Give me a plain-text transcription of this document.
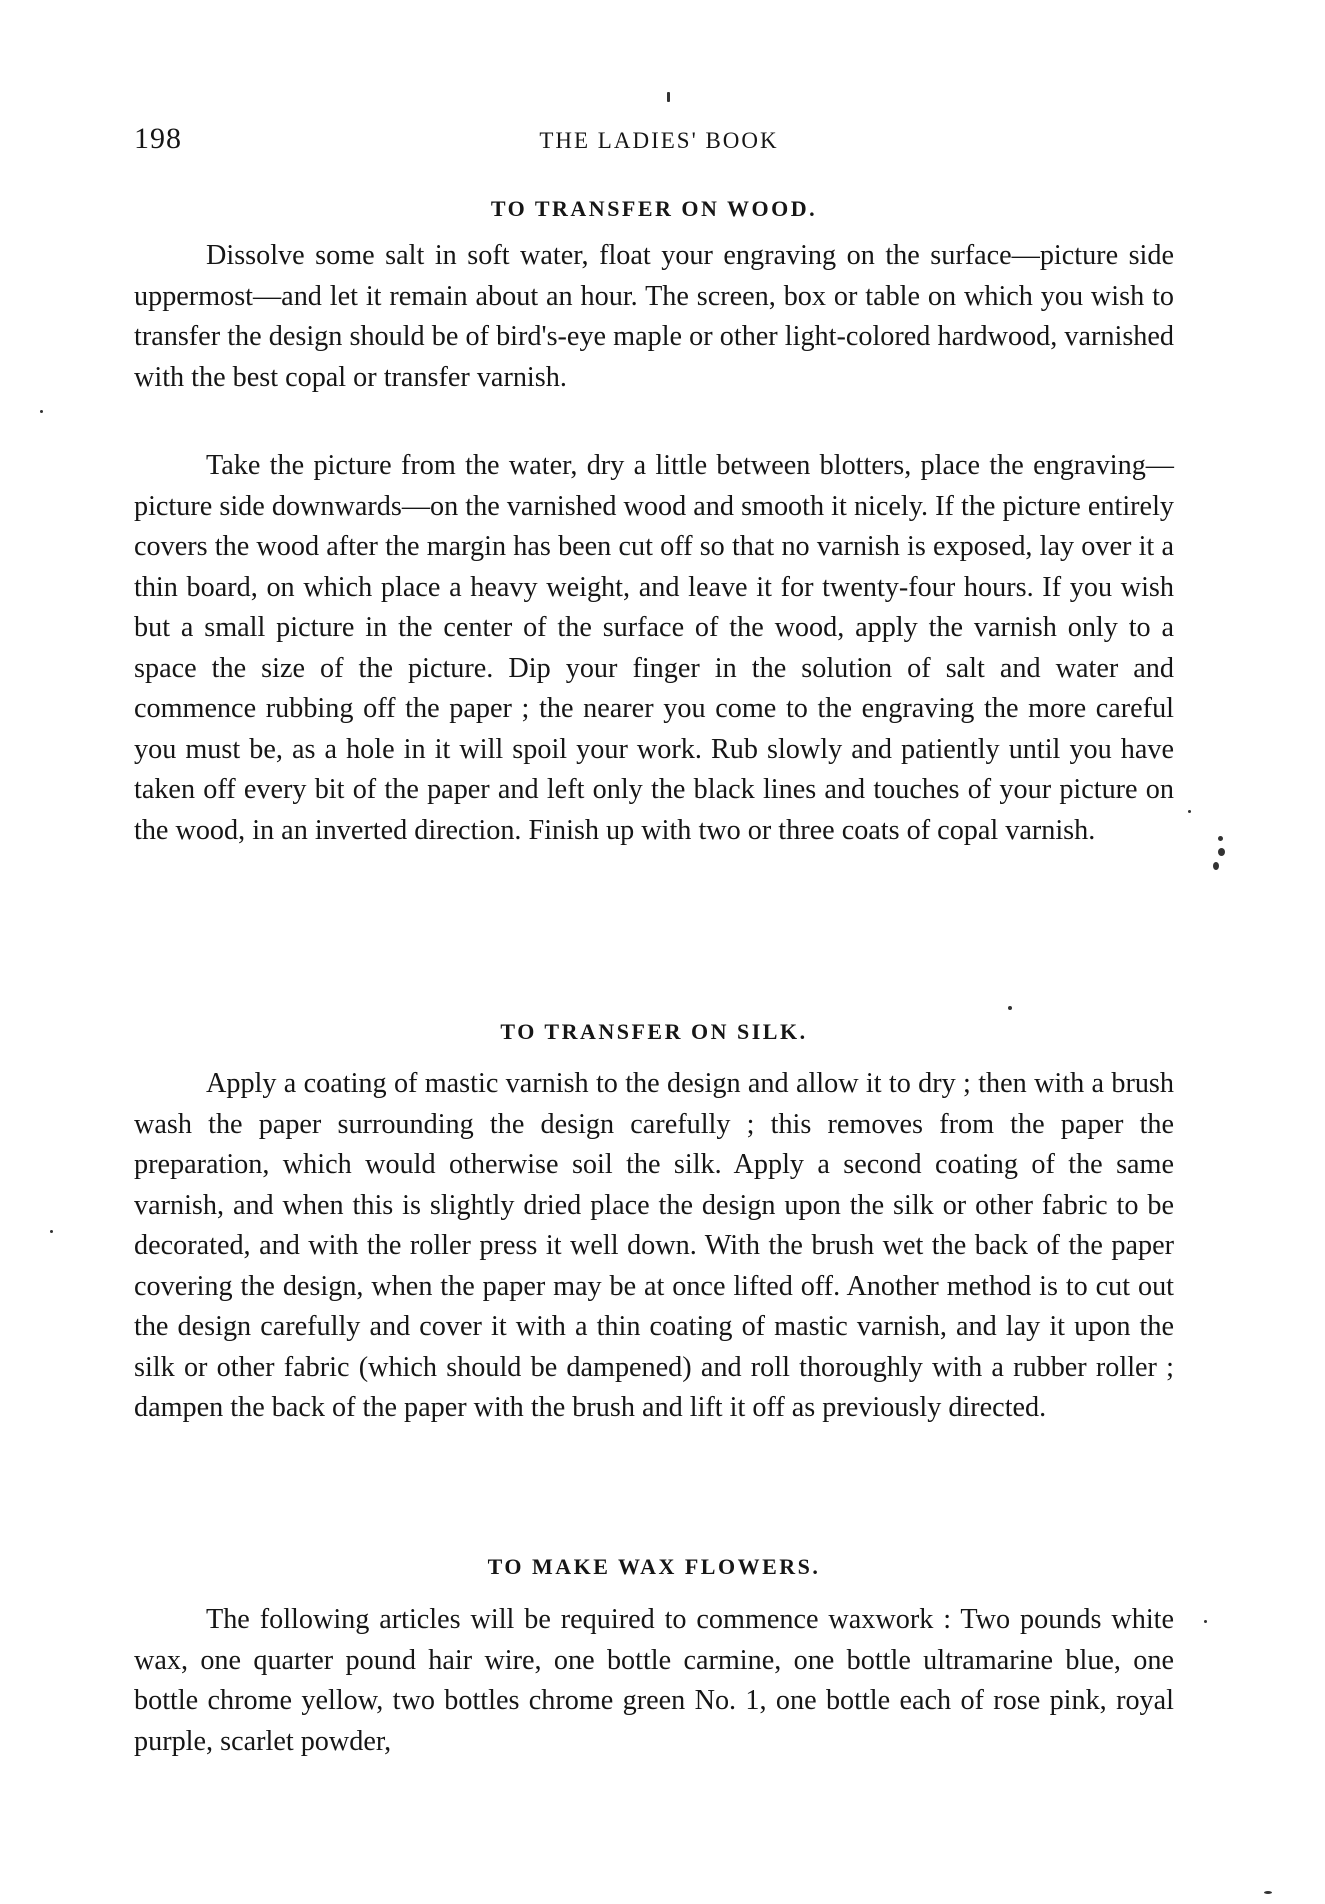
198	THE LADIES' BOOK
TO TRANSFER ON WOOD.

Dissolve some salt in soft water, float your engraving on the surface—picture side uppermost—and let it remain about an hour. The screen, box or table on which you wish to transfer the design should be of bird's-eye maple or other light-colored hardwood, varnished with the best copal or transfer varnish.

Take the picture from the water, dry a little between blotters, place the engraving—picture side downwards—on the varnished wood and smooth it nicely. If the picture entirely covers the wood after the margin has been cut off so that no varnish is exposed, lay over it a thin board, on which place a heavy weight, and leave it for twenty-four hours. If you wish but a small picture in the center of the surface of the wood, apply the varnish only to a space the size of the picture. Dip your finger in the solution of salt and water and commence rubbing off the paper ; the nearer you come to the engraving the more careful you must be, as a hole in it will spoil your work. Rub slowly and patiently until you have taken off every bit of the paper and left only the black lines and touches of your picture on the wood, in an inverted direction. Finish up with two or three coats of copal varnish.

TO TRANSFER ON SILK.

Apply a coating of mastic varnish to the design and allow it to dry ; then with a brush wash the paper surrounding the design carefully ; this removes from the paper the preparation, which would otherwise soil the silk. Apply a second coating of the same varnish, and when this is slightly dried place the design upon the silk or other fabric to be decorated, and with the roller press it well down. With the brush wet the back of the paper covering the design, when the paper may be at once lifted off. Another method is to cut out the design carefully and cover it with a thin coating of mastic varnish, and lay it upon the silk or other fabric (which should be dampened) and roll thoroughly with a rubber roller ; dampen the back of the paper with the brush and lift it off as previously directed.

TO MAKE WAX FLOWERS.

The following articles will be required to commence waxwork : Two pounds white wax, one quarter pound hair wire, one bottle carmine, one bottle ultramarine blue, one bottle chrome yellow, two bottles chrome green No. 1, one bottle each of rose pink, royal purple, scarlet powder,
